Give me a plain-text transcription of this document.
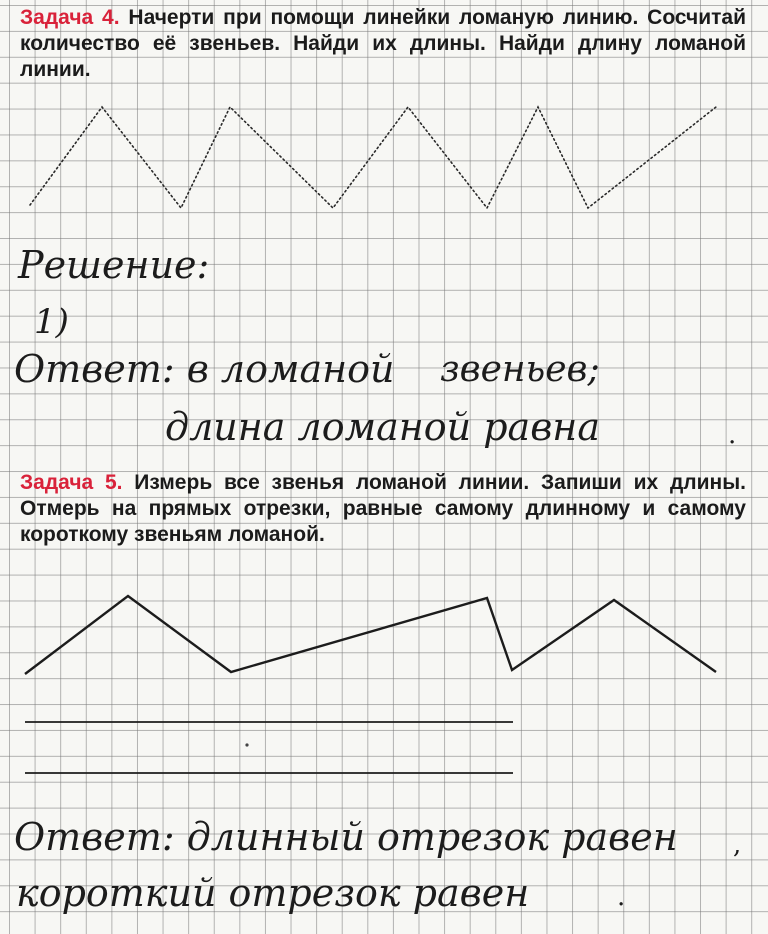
Задача 4. Начерти при помощи линейки ломаную линию. Сосчитай количество её звеньев. Найди их длины. Найди длину ломаной линии.
Решение:
1)
Ответ: в ломаной звеньев;
длина ломаной равна	.
Задача 5. Измерь все звенья ломаной линии. Запиши их длины. Отмерь на прямых отрезки, равные самому длинному и самому короткому звеньям ломаной.
Ответ: длинный отрезок равен ,
короткий отрезок равен	.
